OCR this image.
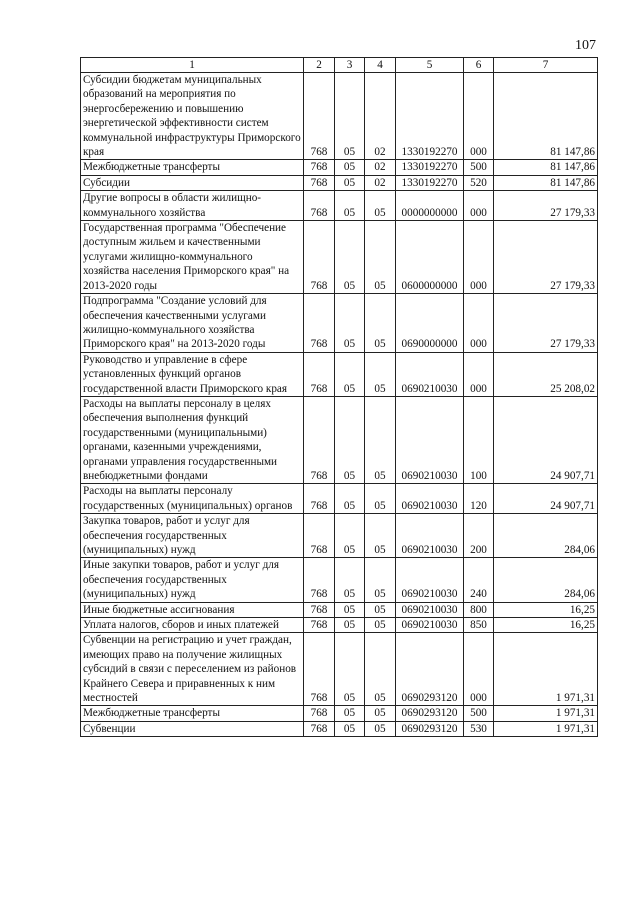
107
1	2	3	4	5	6	7
Субсидии бюджетам муниципальных образований на мероприятия по энергосбережению и повышению энергетической эффективности систем коммунальной инфраструктуры Приморского края	768	05	02	1330192270	000	81 147,86
Межбюджетные трансферты	768	05	02	1330192270	500	81 147,86
Субсидии	768	05	02	1330192270	520	81 147,86
Другие вопросы в области жилищно-коммунального хозяйства	768	05	05	0000000000	000	27 179,33
Государственная программа "Обеспечение доступным жильем и качественными услугами жилищно-коммунального хозяйства населения Приморского края" на 2013-2020 годы	768	05	05	0600000000	000	27 179,33
Подпрограмма "Создание условий для обеспечения качественными услугами жилищно-коммунального хозяйства Приморского края" на 2013-2020 годы	768	05	05	0690000000	000	27 179,33
Руководство и управление в сфере установленных функций органов государственной власти Приморского края	768	05	05	0690210030	000	25 208,02
Расходы на выплаты персоналу в целях обеспечения выполнения функций государственными (муниципальными) органами, казенными учреждениями, органами управления государственными внебюджетными фондами	768	05	05	0690210030	100	24 907,71
Расходы на выплаты персоналу государственных (муниципальных) органов	768	05	05	0690210030	120	24 907,71
Закупка товаров, работ и услуг для обеспечения государственных (муниципальных) нужд	768	05	05	0690210030	200	284,06
Иные закупки товаров, работ и услуг для обеспечения государственных (муниципальных) нужд	768	05	05	0690210030	240	284,06
Иные бюджетные ассигнования	768	05	05	0690210030	800	16,25
Уплата налогов, сборов и иных платежей	768	05	05	0690210030	850	16,25
Субвенции на регистрацию и учет граждан, имеющих право на получение жилищных субсидий в связи с переселением из районов Крайнего Севера и приравненных к ним местностей	768	05	05	0690293120	000	1 971,31
Межбюджетные трансферты	768	05	05	0690293120	500	1 971,31
Субвенции	768	05	05	0690293120	530	1 971,31
